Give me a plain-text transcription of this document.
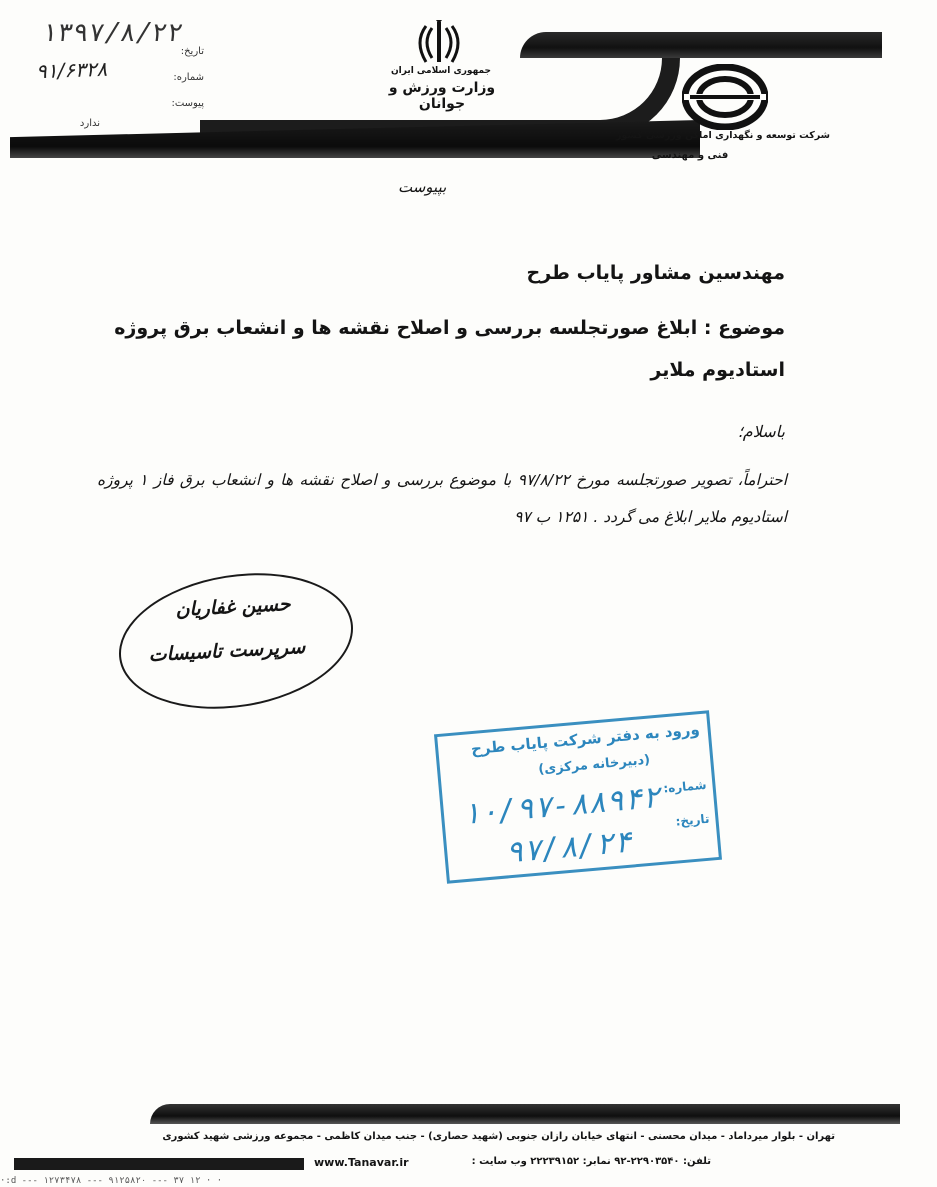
۱۳۹۷/۸/۲۲
تاریخ:
شماره:
۹۱/۶۳۲۸
پیوست:
ندارد
جمهوری اسلامی ایران
وزارت ورزش و جوانان
شرکت توسعه و نگهداری اماکن ورزشی کشور
فنی و مهندسی
بپیوست
مهندسین مشاور پایاب طرح
موضوع : ابلاغ صورتجلسه بررسی و اصلاح نقشه ها و انشعاب برق پروژه استادیوم ملایر
باسلام؛
احتراماً، تصویر صورتجلسه مورخ ۹۷/۸/۲۲ با موضوع بررسی و اصلاح نقشه ها و انشعاب برق فاز ۱ پروژه استادیوم ملایر ابلاغ می گردد . ۱۲۵۱ ب ۹۷
حسین غفاریان
سرپرست تاسیسات
ورود به دفتر شرکت پایاب طرح
(دبیرخانه مرکزی)
شماره:
۱۰/۹۷-۸۸۹۴۲ تاریخ:
۹۷/۸/۲۴
تهران - بلوار میرداماد - میدان محسنی - انتهای خیابان رازان جنوبی (شهید حصاری) - جنب میدان کاظمی - مجموعه ورزشی شهید کشوری
تلفن: ۲۲۹۰۳۵۴۰-۹۲ نمابر: ۲۲۲۳۹۱۵۲ وب سایت :
www.Tanavar.ir
·:d --- ۱۲۷۳۴۷۸ --- ۹۱۲۵۸۲۰ --- ۳۷ ۱۲ · ·
